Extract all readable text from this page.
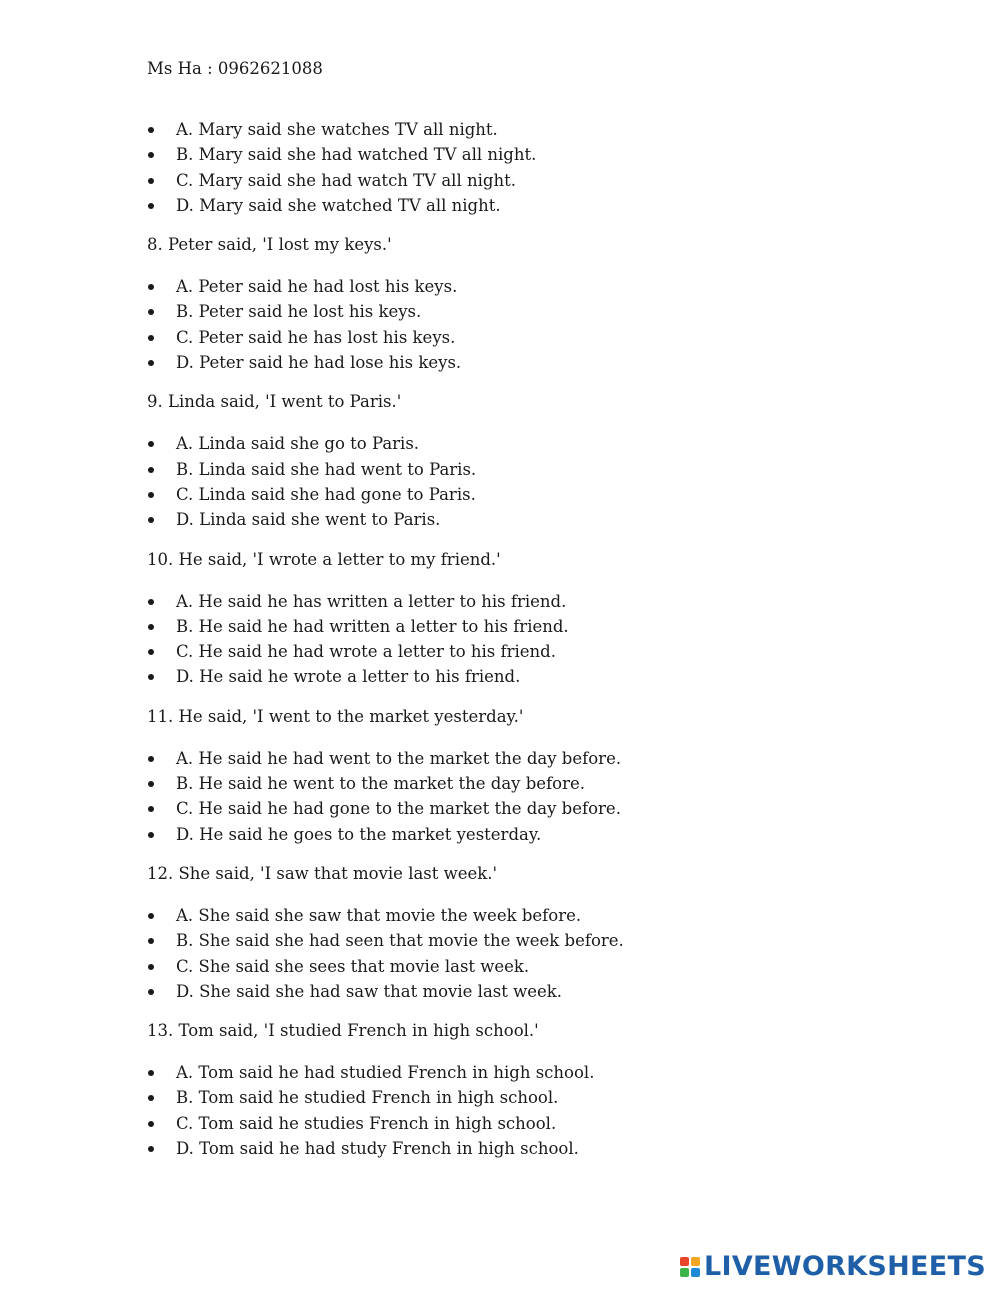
Ms Ha : 0962621088
A. Mary said she watches TV all night.
B. Mary said she had watched TV all night.
C. Mary said she had watch TV all night.
D. Mary said she watched TV all night.
8. Peter said, 'I lost my keys.'
A. Peter said he had lost his keys.
B. Peter said he lost his keys.
C. Peter said he has lost his keys.
D. Peter said he had lose his keys.
9. Linda said, 'I went to Paris.'
A. Linda said she go to Paris.
B. Linda said she had went to Paris.
C. Linda said she had gone to Paris.
D. Linda said she went to Paris.
10. He said, 'I wrote a letter to my friend.'
A. He said he has written a letter to his friend.
B. He said he had written a letter to his friend.
C. He said he had wrote a letter to his friend.
D. He said he wrote a letter to his friend.
11. He said, 'I went to the market yesterday.'
A. He said he had went to the market the day before.
B. He said he went to the market the day before.
C. He said he had gone to the market the day before.
D. He said he goes to the market yesterday.
12. She said, 'I saw that movie last week.'
A. She said she saw that movie the week before.
B. She said she had seen that movie the week before.
C. She said she sees that movie last week.
D. She said she had saw that movie last week.
13. Tom said, 'I studied French in high school.'
A. Tom said he had studied French in high school.
B. Tom said he studied French in high school.
C. Tom said he studies French in high school.
D. Tom said he had study French in high school.
LIVEWORKSHEETS
